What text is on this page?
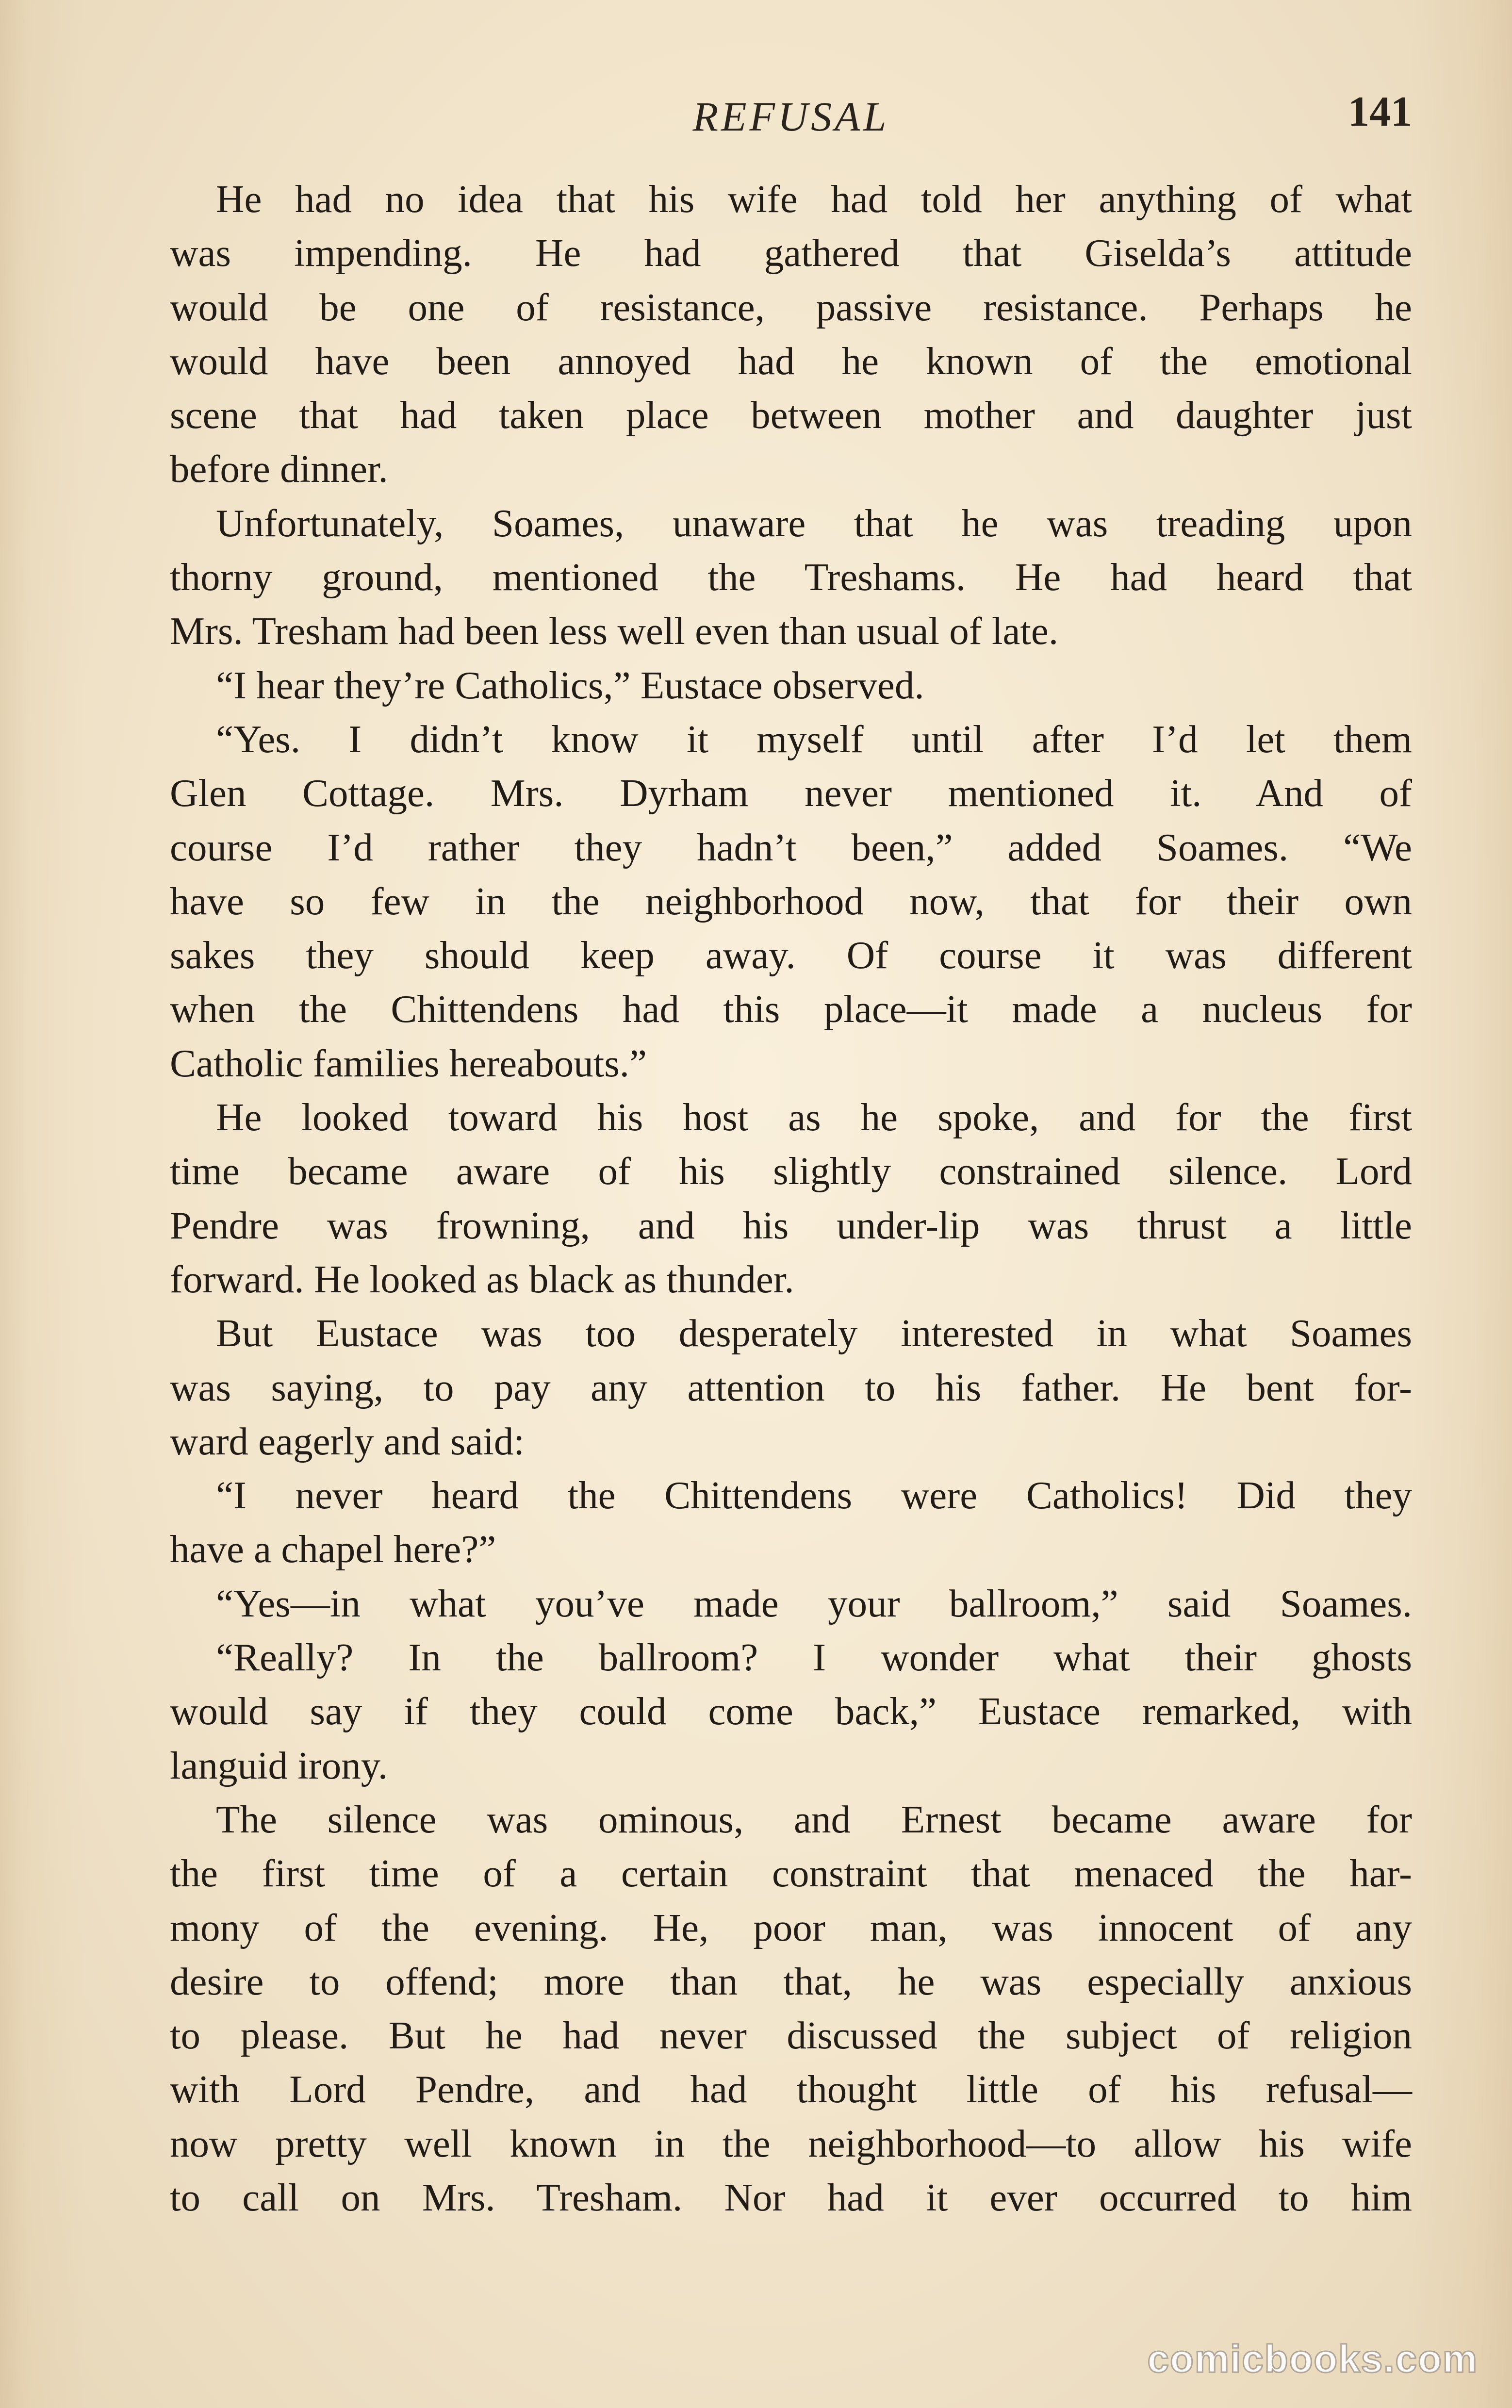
REFUSAL	141
He had no idea that his wife had told her anything of what
was impending. He had gathered that Giselda’s attitude
would be one of resistance, passive resistance. Perhaps he
would have been annoyed had he known of the emotional
scene that had taken place between mother and daughter just
before dinner.
Unfortunately, Soames, unaware that he was treading upon
thorny ground, mentioned the Treshams. He had heard that
Mrs. Tresham had been less well even than usual of late.
“I hear they’re Catholics,” Eustace observed.
“Yes. I didn’t know it myself until after I’d let them
Glen Cottage. Mrs. Dyrham never mentioned it. And of
course I’d rather they hadn’t been,” added Soames. “We
have so few in the neighborhood now, that for their own
sakes they should keep away. Of course it was different
when the Chittendens had this place—it made a nucleus for
Catholic families hereabouts.”
He looked toward his host as he spoke, and for the first
time became aware of his slightly constrained silence. Lord
Pendre was frowning, and his under-lip was thrust a little
forward. He looked as black as thunder.
But Eustace was too desperately interested in what Soames
was saying, to pay any attention to his father. He bent for-
ward eagerly and said:
“I never heard the Chittendens were Catholics! Did they
have a chapel here?”
“Yes—in what you’ve made your ballroom,” said Soames.
“Really? In the ballroom? I wonder what their ghosts
would say if they could come back,” Eustace remarked, with
languid irony.
The silence was ominous, and Ernest became aware for
the first time of a certain constraint that menaced the har-
mony of the evening. He, poor man, was innocent of any
desire to offend; more than that, he was especially anxious
to please. But he had never discussed the subject of religion
with Lord Pendre, and had thought little of his refusal—
now pretty well known in the neighborhood—to allow his wife
to call on Mrs. Tresham. Nor had it ever occurred to him
comicbooks.com
